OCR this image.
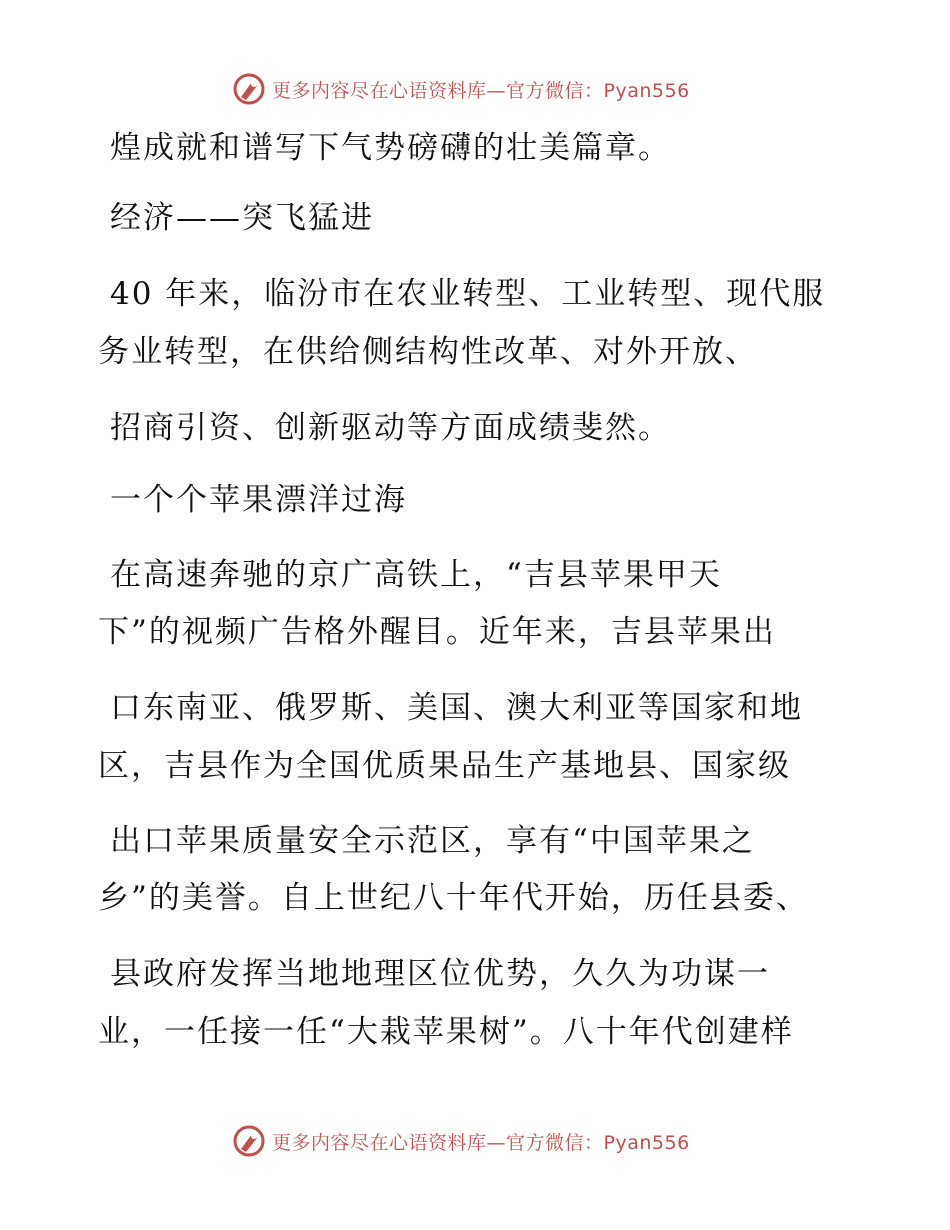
更多内容尽在心语资料库—官方微信：Pyan556
煌成就和谱写下气势磅礴的壮美篇章。
经济——突飞猛进
40 年来，临汾市在农业转型、工业转型、现代服
务业转型，在供给侧结构性改革、对外开放、
招商引资、创新驱动等方面成绩斐然。
一个个苹果漂洋过海
在高速奔驰的京广高铁上，“吉县苹果甲天
下”的视频广告格外醒目。近年来，吉县苹果出
口东南亚、俄罗斯、美国、澳大利亚等国家和地
区，吉县作为全国优质果品生产基地县、国家级
出口苹果质量安全示范区，享有“中国苹果之
乡”的美誉。自上世纪八十年代开始，历任县委、
县政府发挥当地地理区位优势，久久为功谋一
业，一任接一任“大栽苹果树”。八十年代创建样
更多内容尽在心语资料库—官方微信：Pyan556
